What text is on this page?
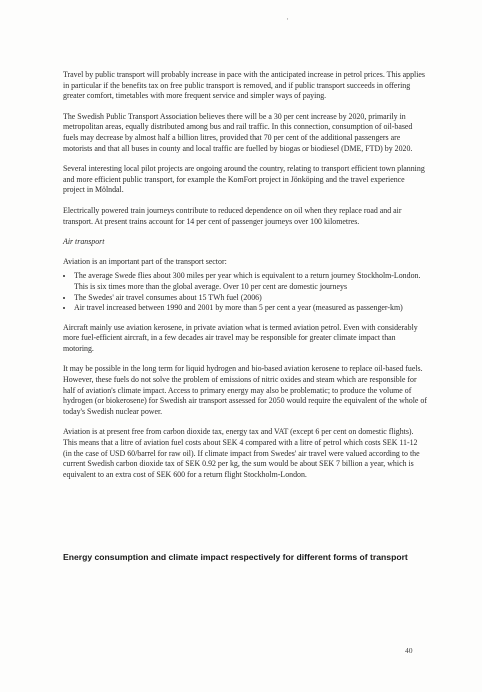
·

Travel by public transport will probably increase in pace with the anticipated increase in petrol prices. This applies in particular if the benefits tax on free public transport is removed, and if public transport succeeds in offering greater comfort, timetables with more frequent service and simpler ways of paying.

The Swedish Public Transport Association believes there will be a 30 per cent increase by 2020, primarily in metropolitan areas, equally distributed among bus and rail traffic. In this connection, consumption of oil-based fuels may decrease by almost half a billion litres, provided that 70 per cent of the additional passengers are motorists and that all buses in county and local traffic are fuelled by biogas or biodiesel (DME, FTD) by 2020.

Several interesting local pilot projects are ongoing around the country, relating to transport efficient town planning and more efficient public transport, for example the KomFort project in Jönköping and the travel experience project in Mölndal.

Electrically powered train journeys contribute to reduced dependence on oil when they replace road and air transport. At present trains account for 14 per cent of passenger journeys over 100 kilometres.

Air transport

Aviation is an important part of the transport sector:

• The average Swede flies about 300 miles per year which is equivalent to a return journey Stockholm-London. This is six times more than the global average. Over 10 per cent are domestic journeys
• The Swedes' air travel consumes about 15 TWh fuel (2006)
• Air travel increased between 1990 and 2001 by more than 5 per cent a year (measured as passenger-km)

Aircraft mainly use aviation kerosene, in private aviation what is termed aviation petrol. Even with considerably more fuel-efficient aircraft, in a few decades air travel may be responsible for greater climate impact than motoring.

It may be possible in the long term for liquid hydrogen and bio-based aviation kerosene to replace oil-based fuels. However, these fuels do not solve the problem of emissions of nitric oxides and steam which are responsible for half of aviation's climate impact. Access to primary energy may also be problematic; to produce the volume of hydrogen (or biokerosene) for Swedish air transport assessed for 2050 would require the equivalent of the whole of today's Swedish nuclear power.

Aviation is at present free from carbon dioxide tax, energy tax and VAT (except 6 per cent on domestic flights). This means that a litre of aviation fuel costs about SEK 4 compared with a litre of petrol which costs SEK 11-12 (in the case of USD 60/barrel for raw oil). If climate impact from Swedes' air travel were valued according to the current Swedish carbon dioxide tax of SEK 0.92 per kg, the sum would be about SEK 7 billion a year, which is equivalent to an extra cost of SEK 600 for a return flight Stockholm-London.

Energy consumption and climate impact respectively for different forms of transport
40
